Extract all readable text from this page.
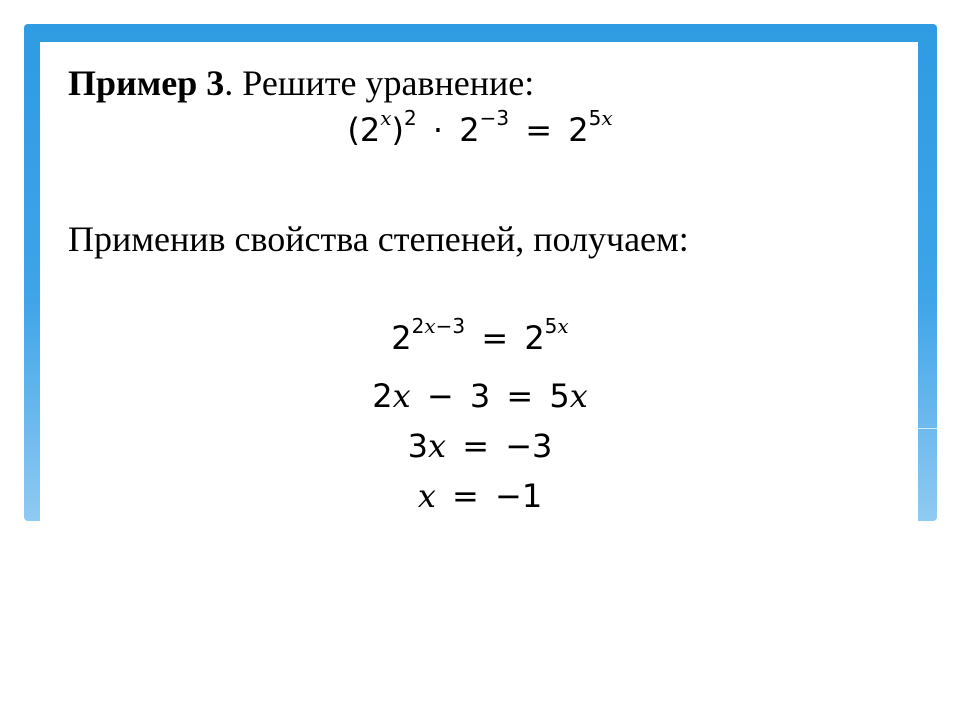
Пример 3. Решите уравнение:
$(2^x)^2 \cdot 2^{-3} = 2^{5x}$
Применив свойства степеней, получаем:
$2^{2x-3} = 2^{5x}$
2x − 3 = 5x
3x = −3
x = −1
